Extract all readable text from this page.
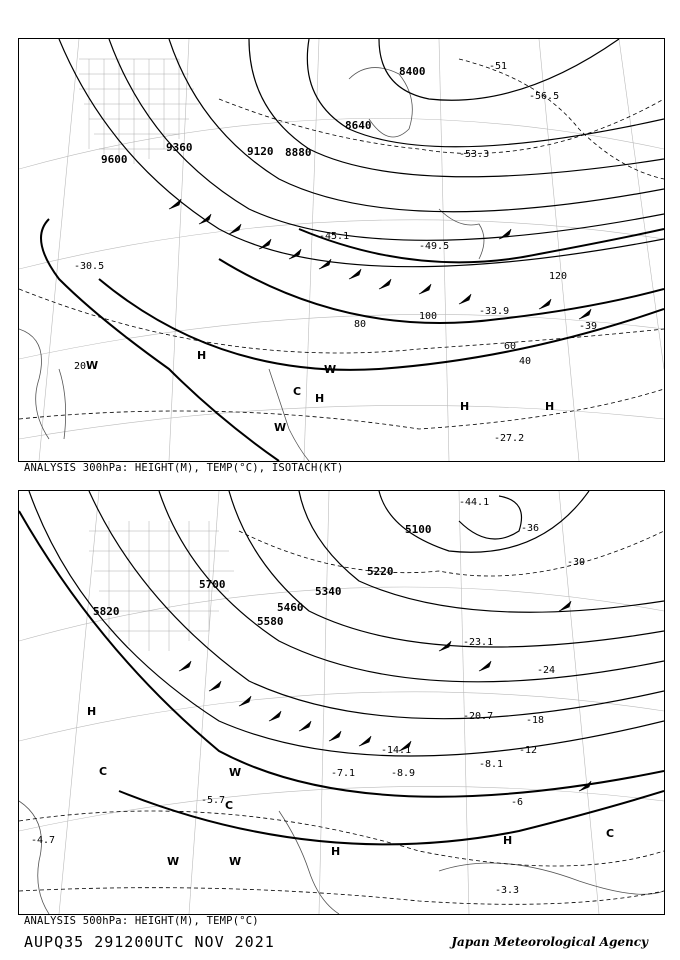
9600
9360	9120 8880
8640
8400
20	40
60
80
100
120
-30.5
-33.9
-45.1
-49.5
-51
-53.3
-56.5
-39
-27.2
H
H
H	H
C
W	W
W
ANALYSIS 300hPa: HEIGHT(M), TEMP(°C), ISOTACH(KT)
5820
5700
5580
5460
5340
5220
5100
-6
-12
-18
-24
-30
-36
-23.1
-20.7
-14.1
-8.9
-7.1
-8.1
-5.7
-4.7
-3.3
-44.1
H
H
H
C
C
C
W
W	W
ANALYSIS 500hPa: HEIGHT(M), TEMP(°C)
AUPQ35 291200UTC NOV 2021	Japan Meteorological Agency
